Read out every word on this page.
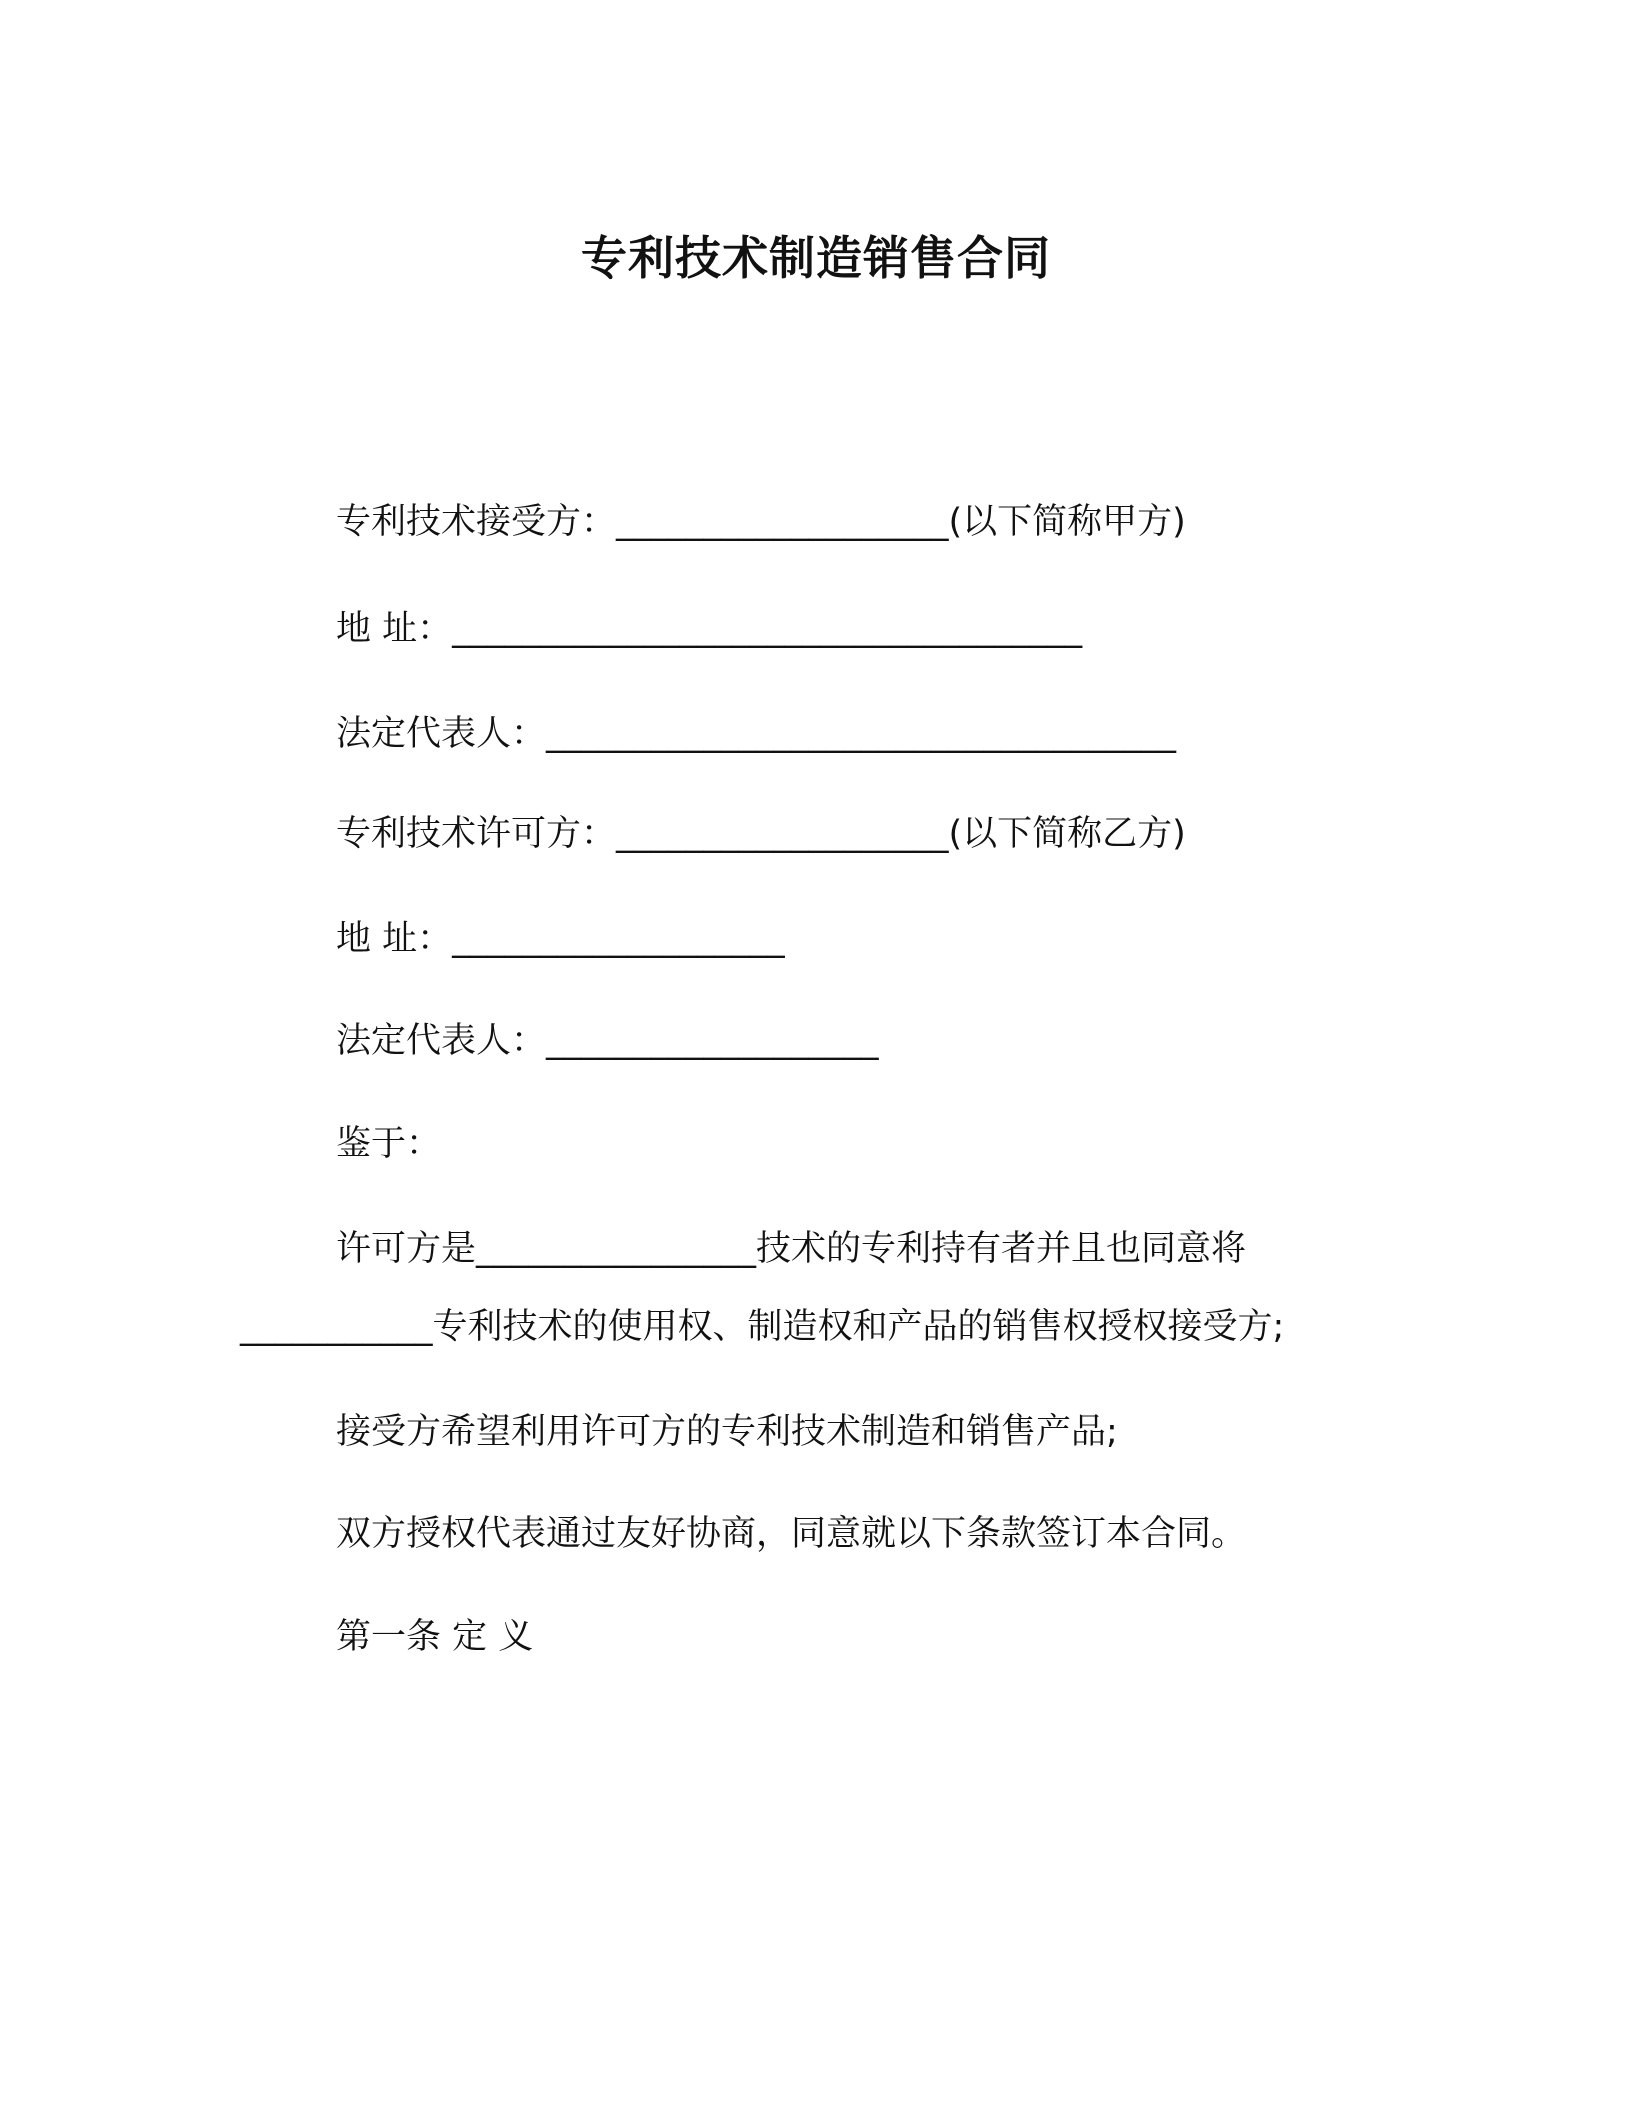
专利技术制造销售合同
专利技术接受方：___________________(以下简称甲方)
地 址：____________________________________
法定代表人：____________________________________
专利技术许可方：___________________(以下简称乙方)
地 址：___________________
法定代表人：___________________
鉴于：
许可方是________________技术的专利持有者并且也同意将
___________专利技术的使用权、制造权和产品的销售权授权接受方;
接受方希望利用许可方的专利技术制造和销售产品;
双方授权代表通过友好协商，同意就以下条款签订本合同。
第一条 定 义
